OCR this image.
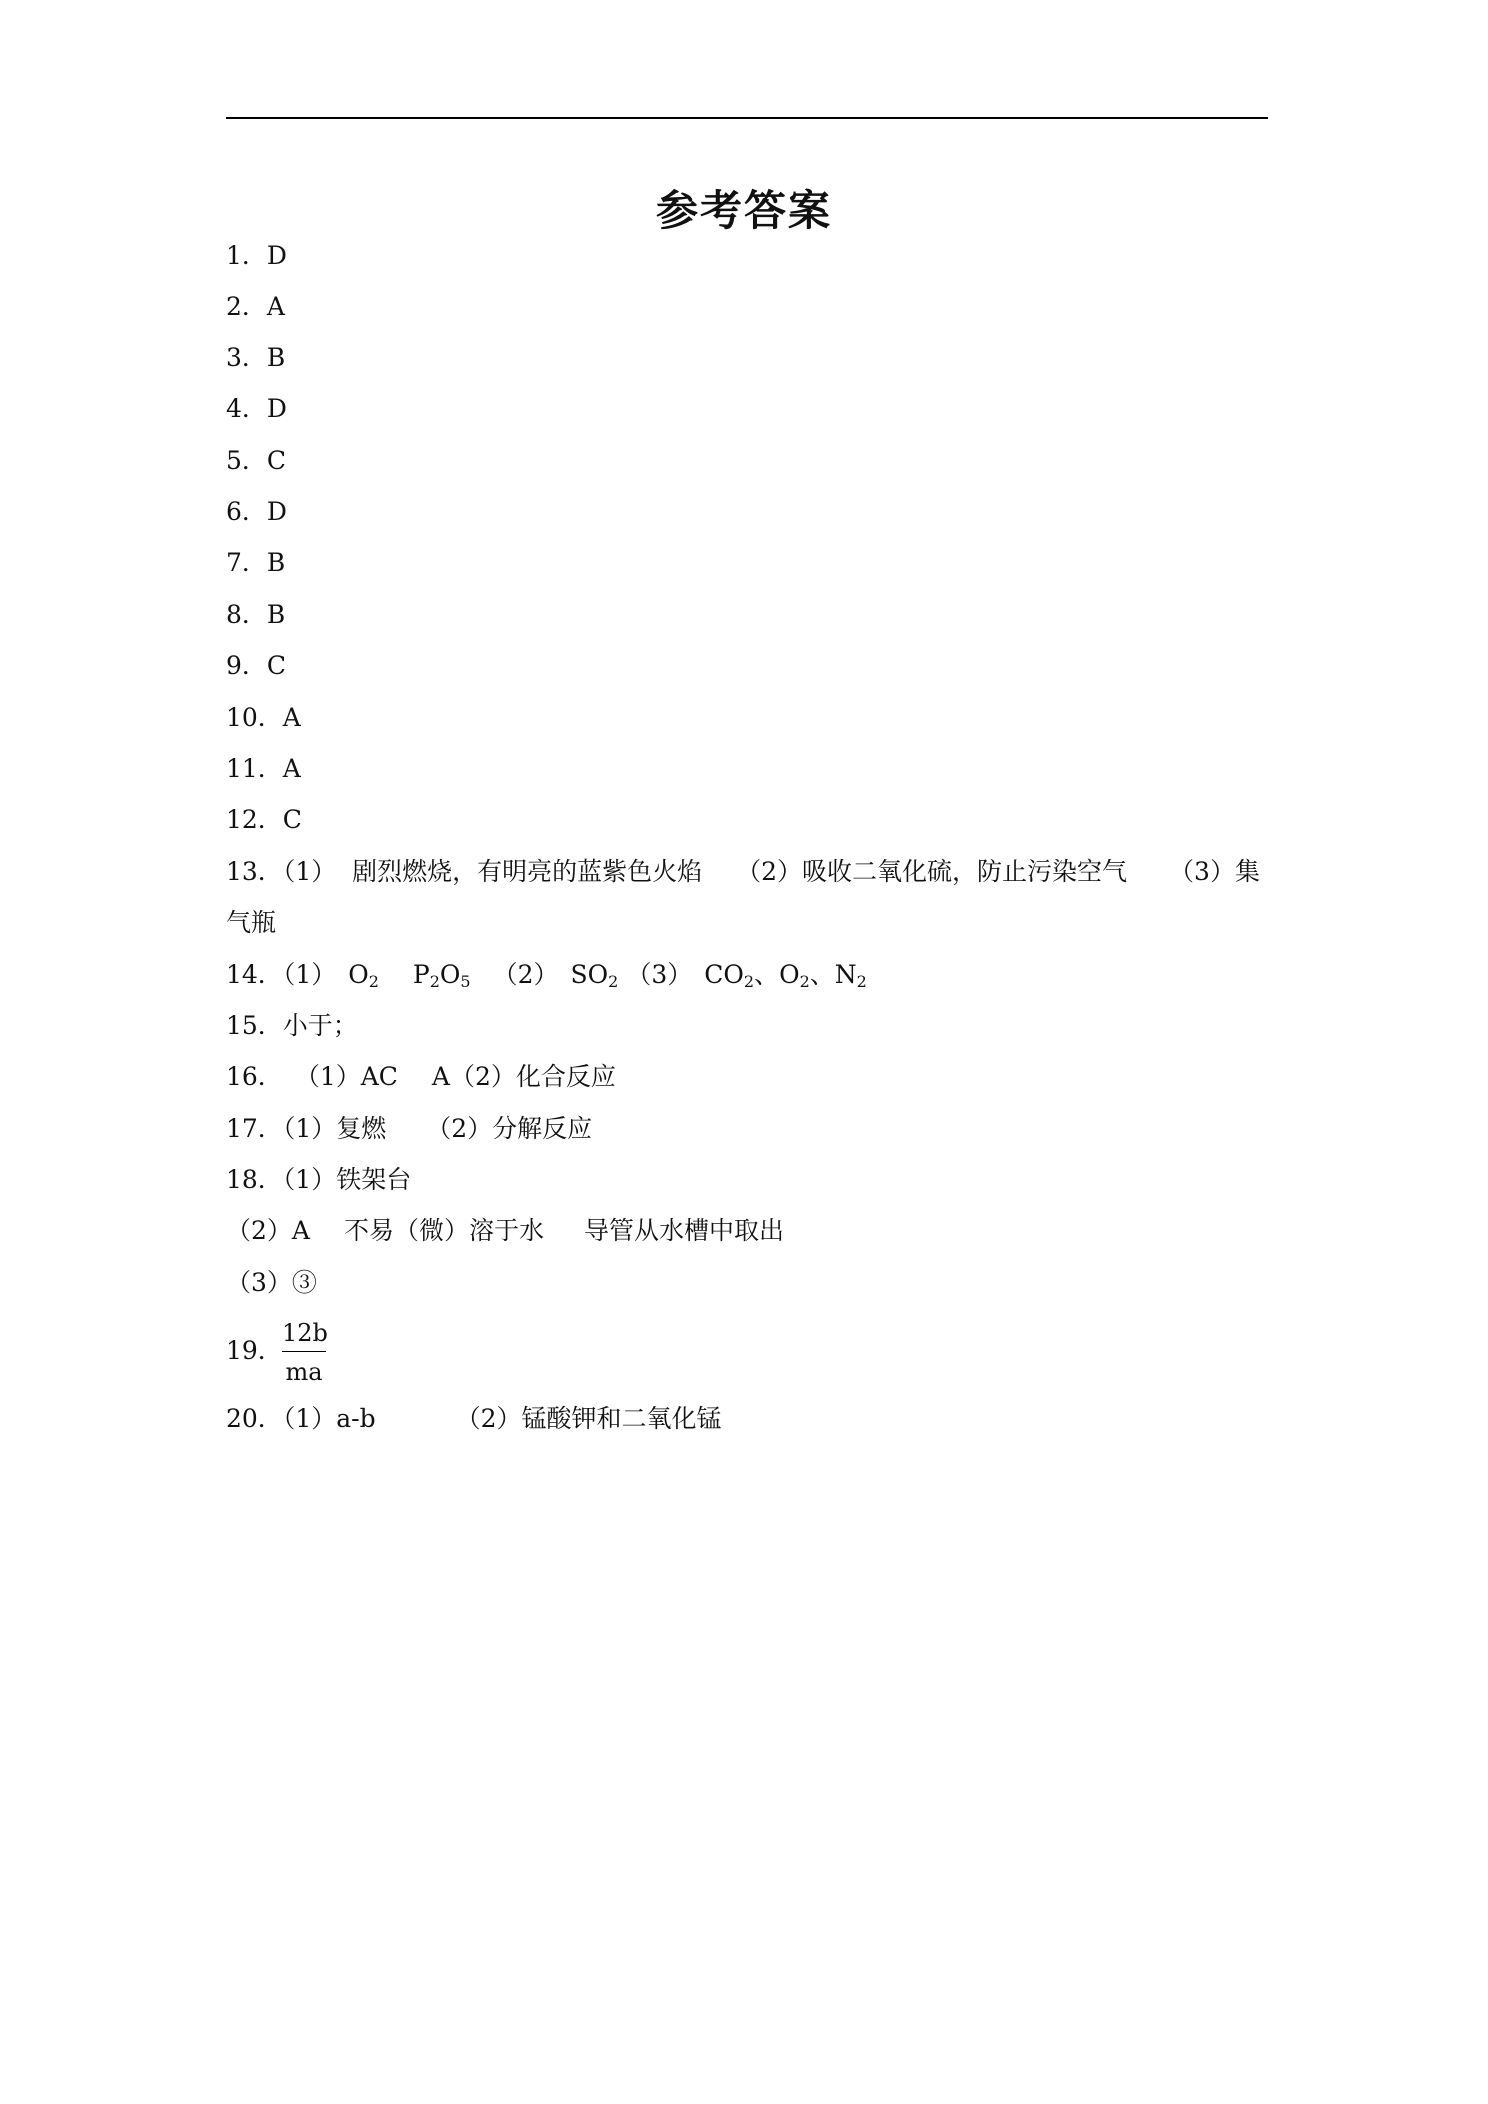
参考答案
1．D
2．A
3．B
4．D
5．C
6．D
7．B
8．B
9．C
10．A
11．A
12．C
13．（1）  剧烈燃烧，有明亮的蓝紫色火焰 （2）吸收二氧化硫，防止污染空气 （3）集
气瓶
14．（1） $O_2$ $P_2O_5$ （2） $SO_2$ （3） $CO_2$、$O_2$、$N_2$
15．小于；
16． （1）AC A（2）化合反应
17．（1）复燃 （2）分解反应
18．（1）铁架台
（2）A 不易（微）溶于水 导管从水槽中取出
（3）③
19． $\frac{12b}{ma}$
20．（1）a-b	（2）锰酸钾和二氧化锰
